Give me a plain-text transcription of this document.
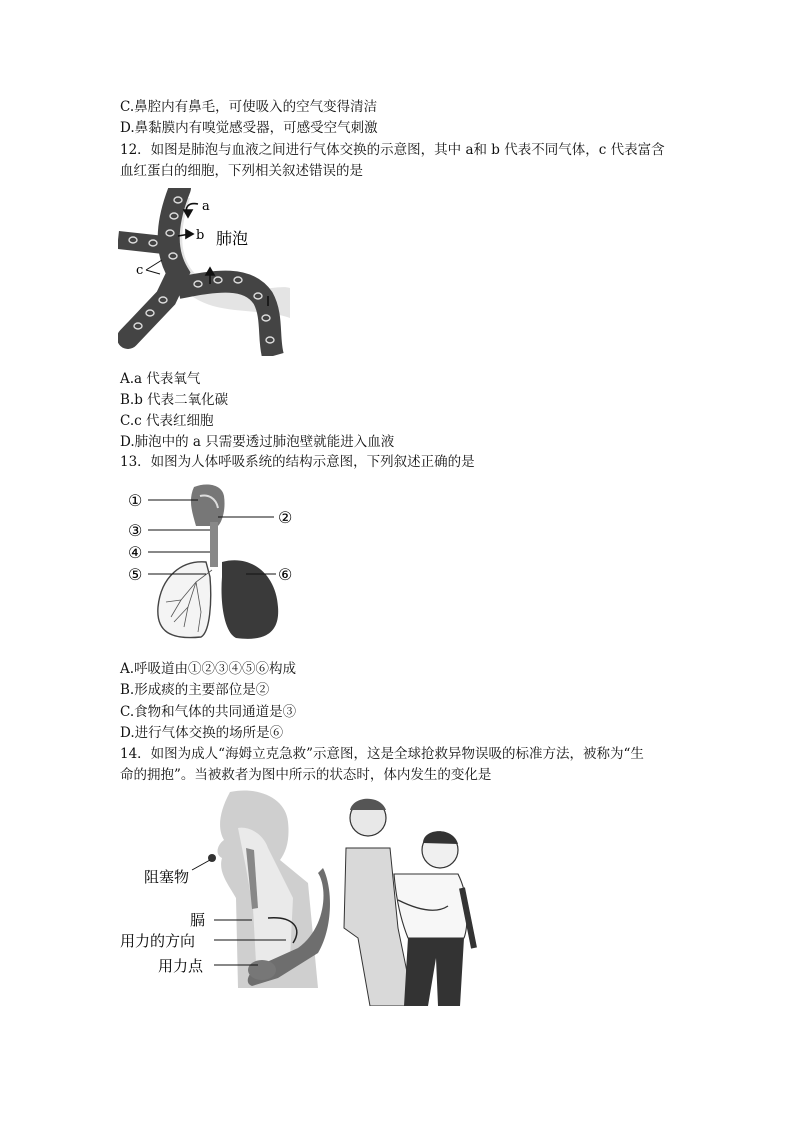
C.鼻腔内有鼻毛，可使吸入的空气变得清洁
D.鼻黏膜内有嗅觉感受器，可感受空气刺激
12．如图是肺泡与血液之间进行气体交换的示意图，其中 a和 b 代表不同气体，c 代表富含
血红蛋白的细胞，下列相关叙述错误的是
a
b
c
肺泡
A.a 代表氧气
B.b 代表二氧化碳
C.c 代表红细胞
D.肺泡中的 a 只需要透过肺泡壁就能进入血液
13．如图为人体呼吸系统的结构示意图，下列叙述正确的是
①
②
③
④
⑤	⑥
A.呼吸道由①②③④⑤⑥构成
B.形成痰的主要部位是②
C.食物和气体的共同通道是③
D.进行气体交换的场所是⑥
14．如图为成人“海姆立克急救”示意图，这是全球抢救异物误吸的标准方法，被称为“生
命的拥抱”。当被救者为图中所示的状态时，体内发生的变化是
阻塞物
膈
用力的方向
用力点
